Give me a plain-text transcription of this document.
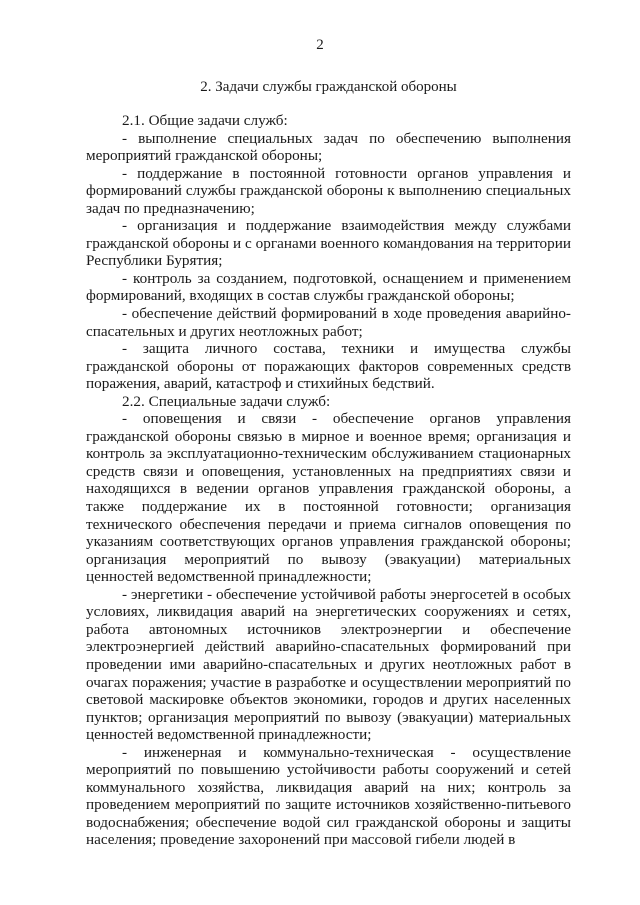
2
2. Задачи службы гражданской обороны

2.1. Общие задачи служб:

- выполнение специальных задач по обеспечению выполнения мероприятий гражданской обороны;

- поддержание в постоянной готовности органов управления и формирований службы гражданской обороны к выполнению специальных задач по предназначению;

- организация и поддержание взаимодействия между службами гражданской обороны и с органами военного командования на территории Республики Бурятия;

- контроль за созданием, подготовкой, оснащением и применением формирований, входящих в состав службы гражданской обороны;

- обеспечение действий формирований в ходе проведения аварийно-спасательных и других неотложных работ;

- защита личного состава, техники и имущества службы гражданской обороны от поражающих факторов современных средств поражения, аварий, катастроф и стихийных бедствий.

2.2. Специальные задачи служб:

- оповещения и связи - обеспечение органов управления гражданской обороны связью в мирное и военное время; организация и контроль за эксплуатационно-техническим обслуживанием стационарных средств связи и оповещения, установленных на предприятиях связи и находящихся в ведении органов управления гражданской обороны, а также поддержание их в постоянной готовности; организация технического обеспечения передачи и приема сигналов оповещения по указаниям соответствующих органов управления гражданской обороны; организация мероприятий по вывозу (эвакуации) материальных ценностей ведомственной принадлежности;

- энергетики - обеспечение устойчивой работы энергосетей в особых условиях, ликвидация аварий на энергетических сооружениях и сетях, работа автономных источников электроэнергии и обеспечение электроэнергией действий аварийно-спасательных формирований при проведении ими аварийно-спасательных и других неотложных работ в очагах поражения; участие в разработке и осуществлении мероприятий по световой маскировке объектов экономики, городов и других населенных пунктов; организация мероприятий по вывозу (эвакуации) материальных ценностей ведомственной принадлежности;

- инженерная и коммунально-техническая - осуществление мероприятий по повышению устойчивости работы сооружений и сетей коммунального хозяйства, ликвидация аварий на них; контроль за проведением мероприятий по защите источников хозяйственно-питьевого водоснабжения; обеспечение водой сил гражданской обороны и защиты населения; проведение захоронений при массовой гибели людей в
